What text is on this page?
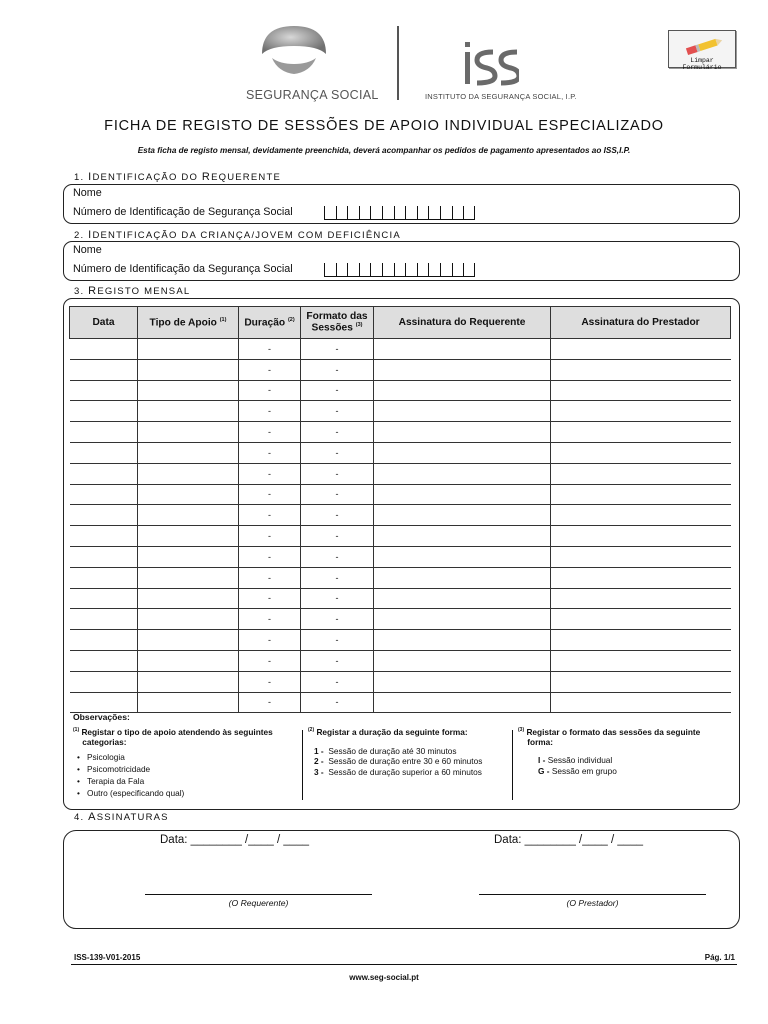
SEGURANÇA SOCIAL	INSTITUTO DA SEGURANÇA SOCIAL, I.P.
Limpar Formulário
FICHA DE REGISTO DE SESSÕES DE APOIO INDIVIDUAL ESPECIALIZADO
Esta ficha de registo mensal, devidamente preenchida, deverá acompanhar os pedidos de pagamento apresentados ao ISS,I.P.
1. IDENTIFICAÇÃO DO REQUERENTE
Nome
Número de Identificação de Segurança Social
2. IDENTIFICAÇÃO DA CRIANÇA/JOVEM COM DEFICIÊNCIA
Nome
Número de Identificação da Segurança Social
3. REGISTO MENSAL
Data	Tipo de Apoio $^{(1)}$	Duração $^{(2)}$	Formato das
Sessões $^{(3)}$	Assinatura do Requerente	Assinatura do Prestador
		-	-		
		-	-		
		-	-		
		-	-		
		-	-		
		-	-		
		-	-		
		-	-		
		-	-		
		-	-		
		-	-		
		-	-		
		-	-		
		-	-		
		-	-		
		-	-		
		-	-		
		-	-		
Observações:
$^{(1)}$ Registar o tipo de apoio atendendo às seguintes
categorias:
• Psicologia
• Psicomotricidade
• Terapia da Fala
• Outro (especificando qual)
$^{(2)}$ Registar a duração da seguinte forma:
1 - Sessão de duração até 30 minutos
2 - Sessão de duração entre 30 e 60 minutos
3 - Sessão de duração superior a 60 minutos
$^{(3)}$ Registar o formato das sessões da seguinte
forma:
I - Sessão individual
G - Sessão em grupo
4. ASSINATURAS
Data: ________ /____ / ____	Data: ________ /____ / ____
(O Requerente)	(O Prestador)
ISS-139-V01-2015	Pág. 1/1
www.seg-social.pt
